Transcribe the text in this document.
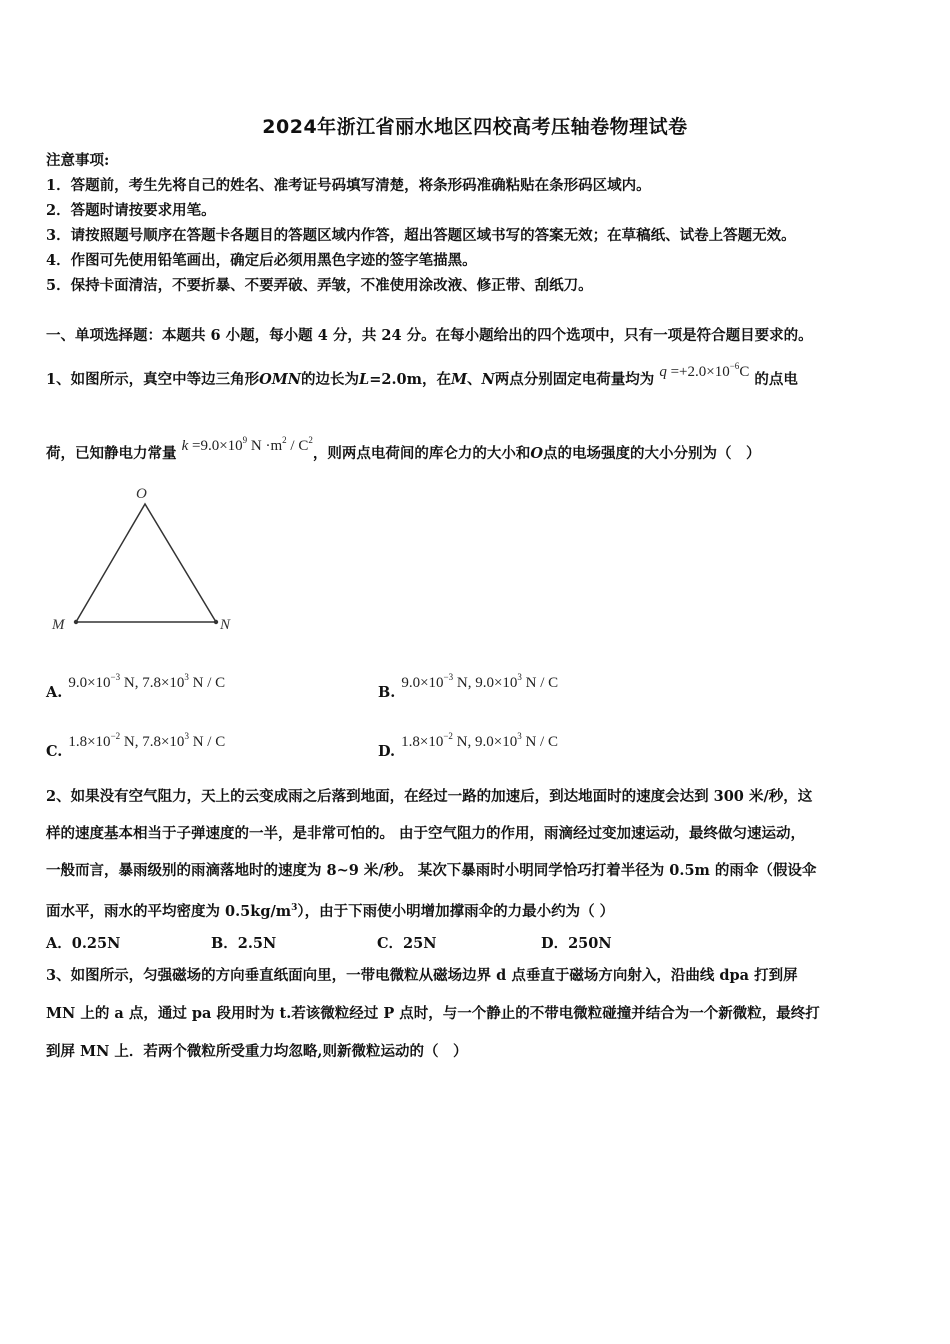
2024年浙江省丽水地区四校高考压轴卷物理试卷
注意事项:
1．答题前，考生先将自己的姓名、准考证号码填写清楚，将条形码准确粘贴在条形码区域内。
2．答题时请按要求用笔。
3．请按照题号顺序在答题卡各题目的答题区域内作答，超出答题区域书写的答案无效；在草稿纸、试卷上答题无效。
4．作图可先使用铅笔画出，确定后必须用黑色字迹的签字笔描黑。
5．保持卡面清洁，不要折暴、不要弄破、弄皱，不准使用涂改液、修正带、刮纸刀。
一、单项选择题：本题共 6 小题，每小题 4 分，共 24 分。在每小题给出的四个选项中，只有一项是符合题目要求的。
1、如图所示，真空中等边三角形OMN的边长为L=2.0m，在M、N两点分别固定电荷量均为 $q =+2.0\times 10^{-6}C$ 的点电
荷，已知静电力常量 $k =9.0\times 10^9$ $N \cdot m^2 / C^2$，则两点电荷间的库仑力的大小和O点的电场强度的大小分别为（　）
O
M	N
$A.9.0\times 10^{-3}$ N, $7.8\times 10^3$ N / C
$B.9.0\times 10^{-3}$ N, $9.0\times 10^3$ N / C
$C.1.8\times 10^{-2}$ N, $7.8\times 10^3$ N / C
$D.1.8\times 10^{-2}$ N, $9.0\times 10^3$ N / C
2、如果没有空气阻力，天上的云变成雨之后落到地面，在经过一路的加速后，到达地面时的速度会达到 300 米/秒，这
样的速度基本相当于子弹速度的一半，是非常可怕的。 由于空气阻力的作用，雨滴经过变加速运动，最终做匀速运动，
一般而言，暴雨级别的雨滴落地时的速度为 8~9 米/秒。 某次下暴雨时小明同学恰巧打着半径为 0.5m 的雨伞（假设伞
面水平，雨水的平均密度为 $0.5kg/m^3$），由于下雨使小明增加撑雨伞的力最小约为（ ）
A．0.25N	B．2.5N	C．25N	D．250N
3、如图所示，匀强磁场的方向垂直纸面向里，一带电微粒从磁场边界 d 点垂直于磁场方向射入，沿曲线 dpa 打到屏
MN 上的 a 点，通过 pa 段用时为 t.若该微粒经过 P 点时，与一个静止的不带电微粒碰撞并结合为一个新微粒，最终打
到屏 MN 上．若两个微粒所受重力均忽略,则新微粒运动的（　）
